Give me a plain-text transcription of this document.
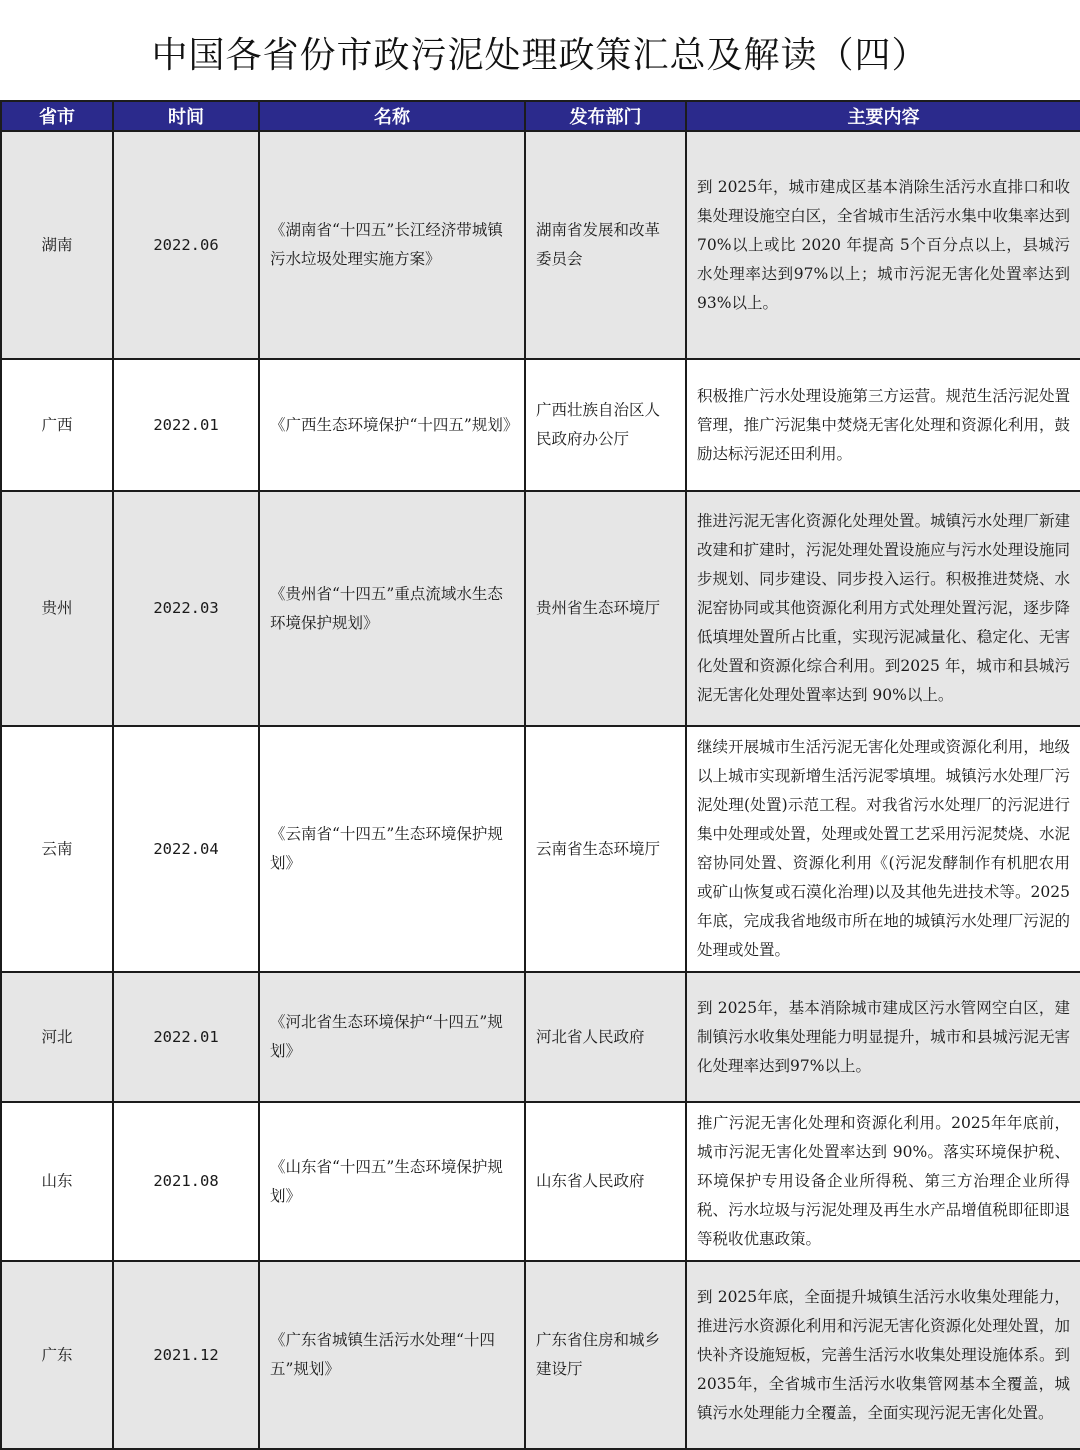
中国各省份市政污泥处理政策汇总及解读（四）
省市	时间	名称	发布部门	主要内容
湖南	2022.06	《湖南省“十四五”长江经济带城镇污水垃圾处理实施方案》	湖南省发展和改革委员会	到 2025年，城市建成区基本消除生活污水直排口和收集处理设施空白区，全省城市生活污水集中收集率达到 70%以上或比 2020 年提高 5个百分点以上，县城污水处理率达到97%以上；城市污泥无害化处置率达到 93%以上。
广西	2022.01	《广西生态环境保护“十四五”规划》	广西壮族自治区人民政府办公厅	积极推广污水处理设施第三方运营。规范生活污泥处置管理，推广污泥集中焚烧无害化处理和资源化利用，鼓励达标污泥还田利用。
贵州	2022.03	《贵州省“十四五”重点流域水生态环境保护规划》	贵州省生态环境厅	推进污泥无害化资源化处理处置。城镇污水处理厂新建改建和扩建时，污泥处理处置设施应与污水处理设施同步规划、同步建设、同步投入运行。积极推进焚烧、水泥窑协同或其他资源化利用方式处理处置污泥，逐步降低填埋处置所占比重，实现污泥减量化、稳定化、无害化处置和资源化综合利用。到2025 年，城市和县城污泥无害化处理处置率达到 90%以上。
云南	2022.04	《云南省“十四五”生态环境保护规划》	云南省生态环境厅	继续开展城市生活污泥无害化处理或资源化利用，地级以上城市实现新增生活污泥零填埋。城镇污水处理厂污泥处理(处置)示范工程。对我省污水处理厂的污泥进行集中处理或处置，处理或处置工艺采用污泥焚烧、水泥窑协同处置、资源化利用《(污泥发酵制作有机肥农用或矿山恢复或石漠化治理)以及其他先进技术等。2025 年底，完成我省地级市所在地的城镇污水处理厂污泥的处理或处置。
河北	2022.01	《河北省生态环境保护“十四五”规划》	河北省人民政府	到 2025年，基本消除城市建成区污水管网空白区，建制镇污水收集处理能力明显提升，城市和县城污泥无害化处理率达到97%以上。
山东	2021.08	《山东省“十四五”生态环境保护规划》	山东省人民政府	推广污泥无害化处理和资源化利用。2025年年底前，城市污泥无害化处置率达到 90%。落实环境保护税、环境保护专用设备企业所得税、第三方治理企业所得税、污水垃圾与污泥处理及再生水产品增值税即征即退等税收优惠政策。
广东	2021.12	《广东省城镇生活污水处理“十四五”规划》	广东省住房和城乡建设厅	到 2025年底，全面提升城镇生活污水收集处理能力，推进污水资源化利用和污泥无害化资源化处理处置，加快补齐设施短板，完善生活污水收集处理设施体系。到 2035年，全省城市生活污水收集管网基本全覆盖，城镇污水处理能力全覆盖，全面实现污泥无害化处置。
